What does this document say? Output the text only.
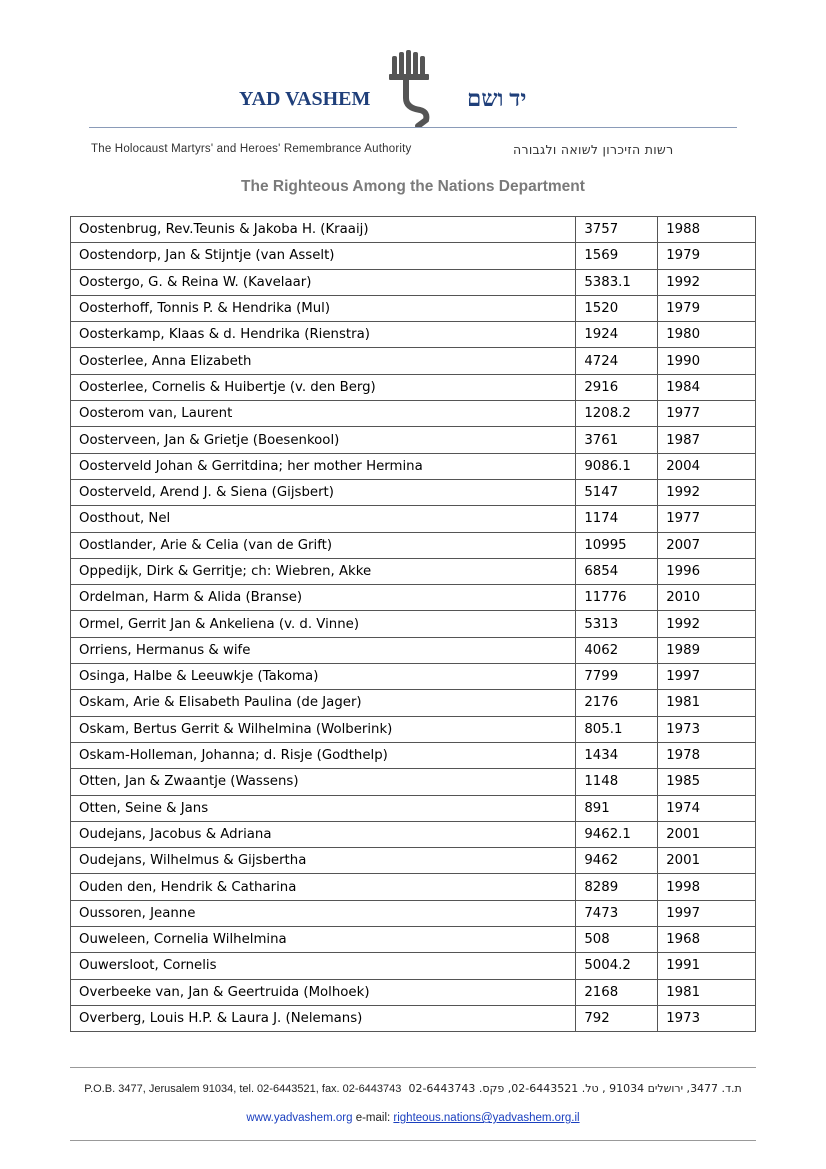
YAD VASHEM	יד ושם
The Holocaust Martyrs' and Heroes' Remembrance Authority	רשות הזיכרון לשואה ולגבורה
The Righteous Among the Nations Department
Oostenbrug, Rev.Teunis & Jakoba H. (Kraaij)	3757	1988
Oostendorp, Jan & Stijntje (van Asselt)	1569	1979
Oostergo, G. & Reina W. (Kavelaar)	5383.1	1992
Oosterhoff, Tonnis P. & Hendrika (Mul)	1520	1979
Oosterkamp, Klaas & d. Hendrika (Rienstra)	1924	1980
Oosterlee, Anna Elizabeth	4724	1990
Oosterlee, Cornelis & Huibertje (v. den Berg)	2916	1984
Oosterom van, Laurent	1208.2	1977
Oosterveen, Jan & Grietje (Boesenkool)	3761	1987
Oosterveld Johan & Gerritdina; her mother Hermina	9086.1	2004
Oosterveld, Arend J. & Siena (Gijsbert)	5147	1992
Oosthout, Nel	1174	1977
Oostlander, Arie & Celia (van de Grift)	10995	2007
Oppedijk, Dirk & Gerritje; ch: Wiebren, Akke	6854	1996
Ordelman, Harm & Alida (Branse)	11776	2010
Ormel, Gerrit Jan & Ankeliena (v. d. Vinne)	5313	1992
Orriens, Hermanus & wife	4062	1989
Osinga, Halbe & Leeuwkje (Takoma)	7799	1997
Oskam, Arie & Elisabeth Paulina (de Jager)	2176	1981
Oskam, Bertus Gerrit & Wilhelmina (Wolberink)	805.1	1973
Oskam-Holleman, Johanna; d. Risje (Godthelp)	1434	1978
Otten, Jan & Zwaantje (Wassens)	1148	1985
Otten, Seine & Jans	891	1974
Oudejans, Jacobus & Adriana	9462.1	2001
Oudejans, Wilhelmus & Gijsbertha	9462	2001
Ouden den, Hendrik & Catharina	8289	1998
Oussoren, Jeanne	7473	1997
Ouweleen, Cornelia Wilhelmina	508	1968
Ouwersloot, Cornelis	5004.2	1991
Overbeeke van, Jan & Geertruida (Molhoek)	2168	1981
Overberg, Louis H.P. & Laura J. (Nelemans)	792	1973
P.O.B. 3477, Jerusalem 91034, tel. 02-6443521, fax. 02-6443743 ת.ד. 3477, ירושלים 91034 , טל. 02-6443521, פקס. 02-6443743
www.yadvashem.org e-mail: righteous.nations@yadvashem.org.il
